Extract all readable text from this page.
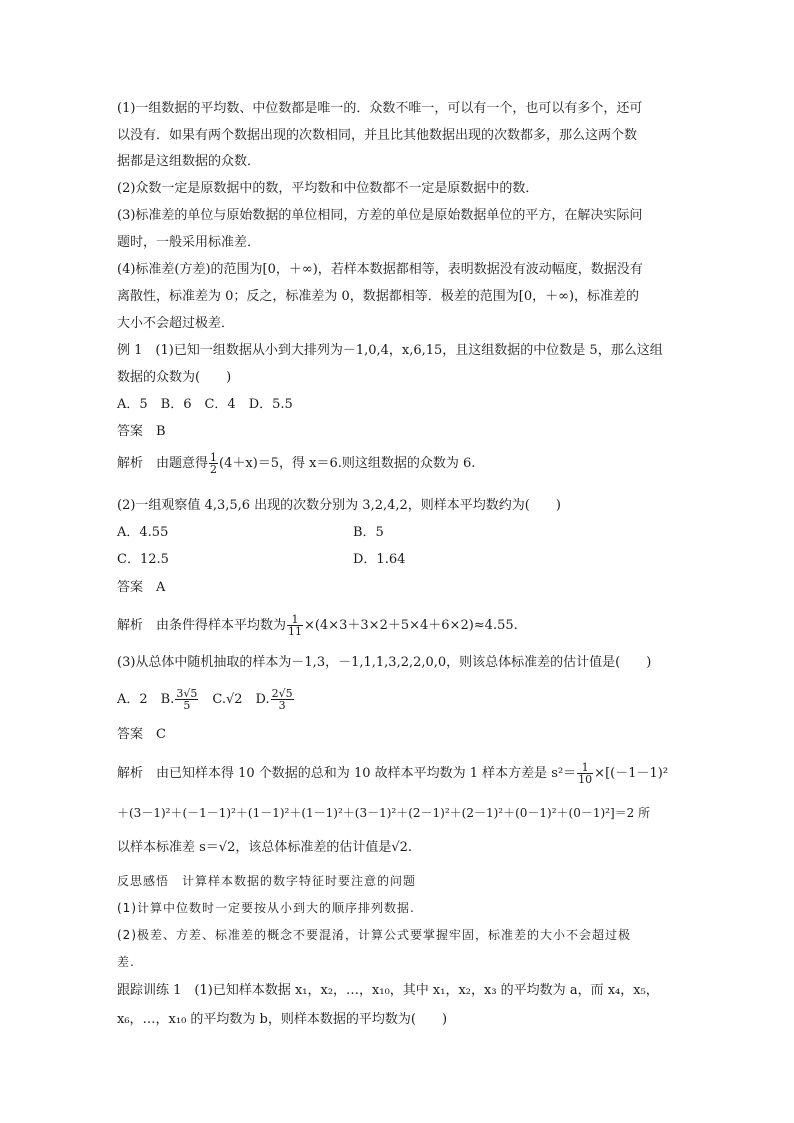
(1)一组数据的平均数、中位数都是唯一的．众数不唯一，可以有一个，也可以有多个，还可
以没有．如果有两个数据出现的次数相同，并且比其他数据出现的次数都多，那么这两个数
据都是这组数据的众数．
(2)众数一定是原数据中的数，平均数和中位数都不一定是原数据中的数．
(3)标准差的单位与原始数据的单位相同，方差的单位是原始数据单位的平方，在解决实际问
题时，一般采用标准差．
(4)标准差(方差)的范围为[0，＋∞)，若样本数据都相等，表明数据没有波动幅度，数据没有
离散性，标准差为 0；反之，标准差为 0，数据都相等．极差的范围为[0，＋∞)，标准差的
大小不会超过极差．
例 1　(1)已知一组数据从小到大排列为－1,0,4，x,6,15，且这组数据的中位数是 5，那么这组
数据的众数为(　　)
A．5　B．6　C．4　D．5.5
答案　B
解析　由题意得 $\frac{1}{2} (4+x)=5$，得 x＝6.则这组数据的众数为 6.
(2)一组观察值 4,3,5,6 出现的次数分别为 3,2,4,2，则样本平均数约为(　　)
A．4.55	B．5
C．12.5	D．1.64
答案　A
解析　由条件得样本平均数为 $\frac{1}{11} \times(4\times 3+3\times 2+5\times 4+6\times 2)\approx 4.55$.
(3)从总体中随机抽取的样本为－1,3，－1,1,1,3,2,2,0,0，则该总体标准差的估计值是(　　)
A．2　B. $\frac{3√5}{5}$ 　C.√2　D. $\frac{2√5}{3}$
答案　C
解析　由已知样本得 10 个数据的总和为 10 故样本平均数为 1 样本方差是 $s^2= \frac{1}{10} \times[(-1-1)^2$
＋(3－1)²＋(－1－1)²＋(1－1)²＋(1－1)²＋(3－1)²＋(2－1)²＋(2－1)²＋(0－1)²＋(0－1)²]＝2 所
以样本标准差 s＝√2，该总体标准差的估计值是√2.
反思感悟　计算样本数据的数字特征时要注意的问题
(1)计算中位数时一定要按从小到大的顺序排列数据.
(2)极差、方差、标准差的概念不要混淆，计算公式要掌握牢固，标准差的大小不会超过极
差.
跟踪训练 1　(1)已知样本数据 x₁，x₂，…，x₁₀，其中 x₁，x₂，x₃ 的平均数为 a，而 x₄，x₅，
x₆，…，x₁₀ 的平均数为 b，则样本数据的平均数为(　　)
